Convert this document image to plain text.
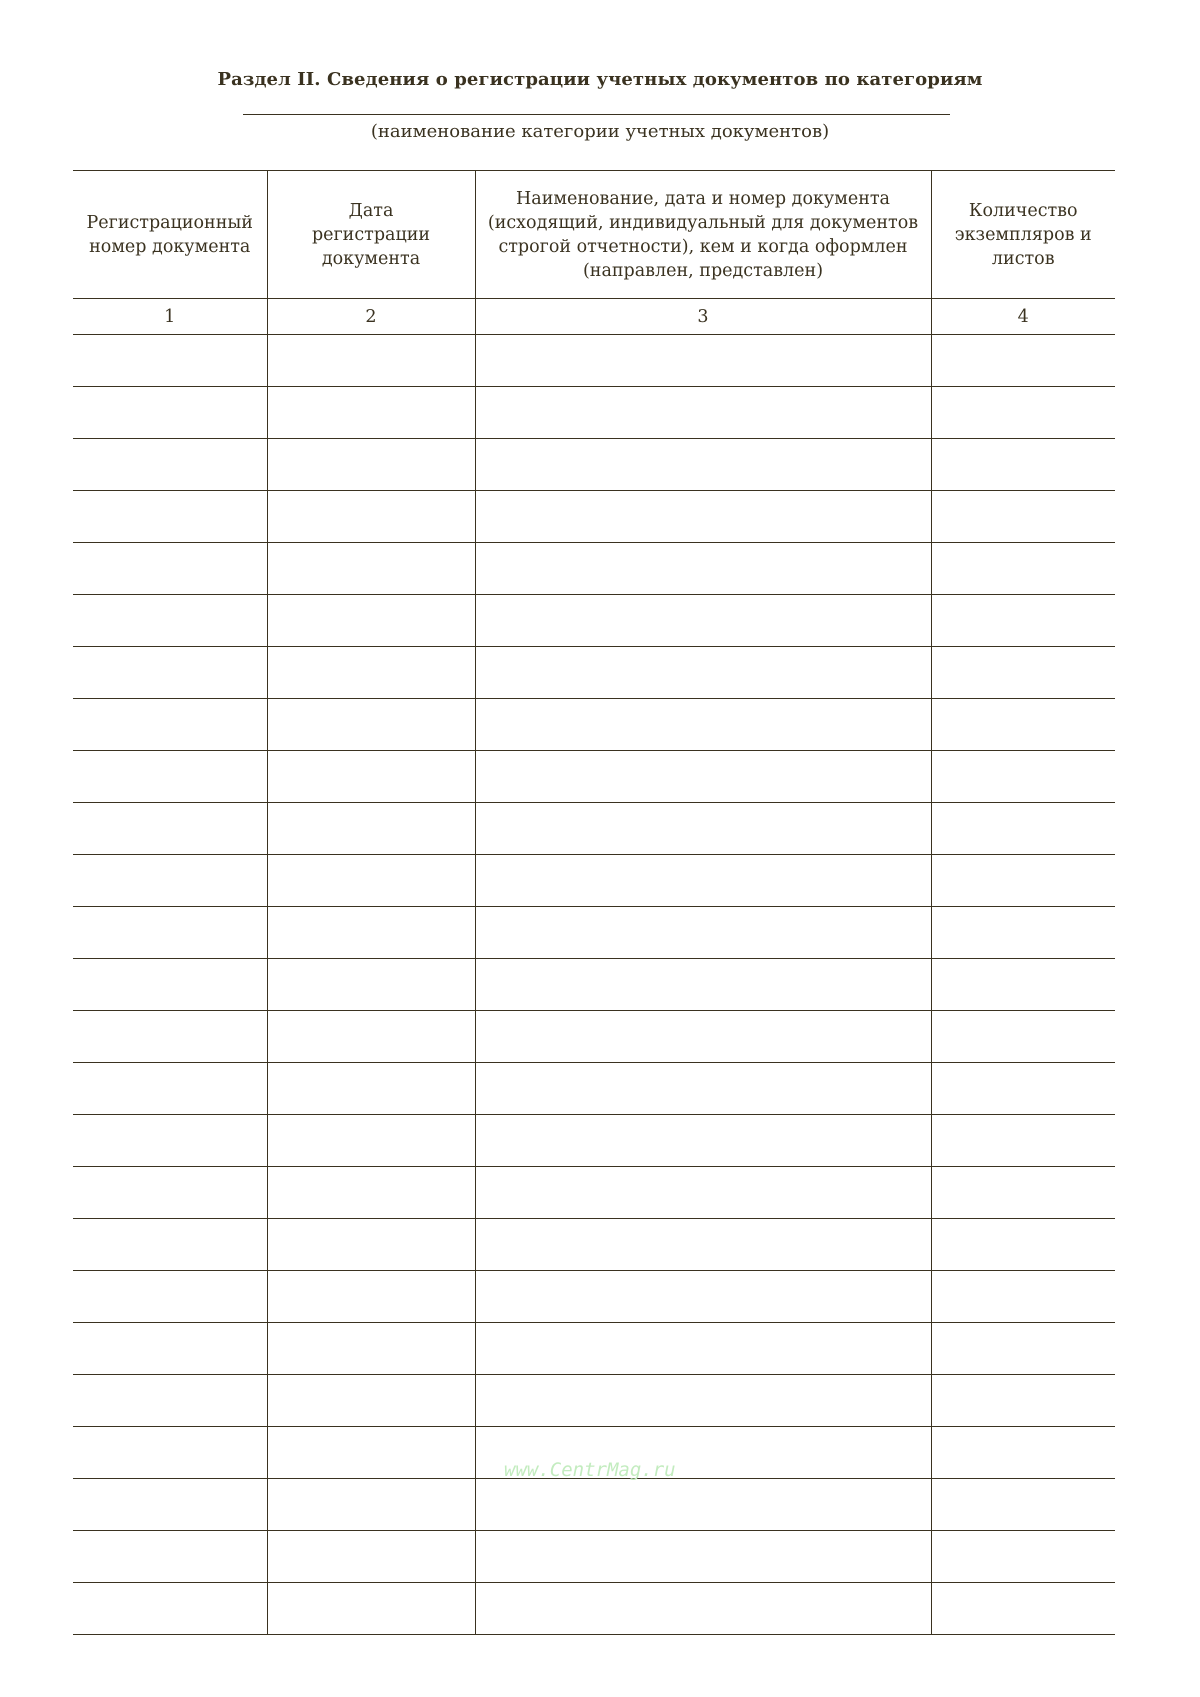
Раздел II. Сведения о регистрации учетных документов по категориям
(наименование категории учетных документов)
Регистрационный номер документа	Дата регистрации документа	Наименование, дата и номер документа (исходящий, индивидуальный для документов строгой отчетности), кем и когда оформлен (направлен, представлен)	Количество экземпляров и листов

1	2	3	4

www.CentrMag.ru
